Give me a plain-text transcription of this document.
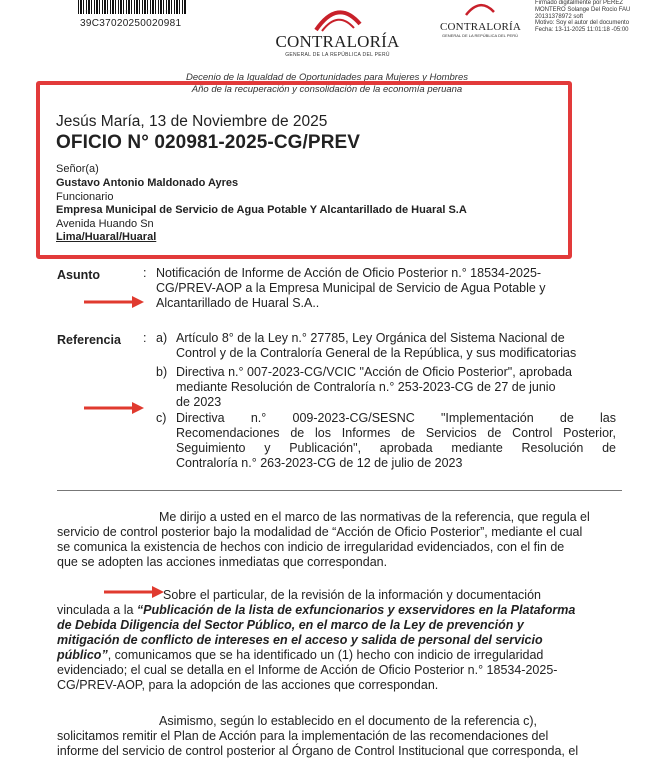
39C37020250020981
CONTRALORÍA
GENERAL DE LA REPÚBLICA DEL PERÚ
CONTRALORÍA
GENERAL DE LA REPÚBLICA DEL PERÚ
Firmado digitalmente por PEREZ
MONTERO Solange Del Rocio FAU
20131378972 soft
Motivo: Soy el autor del documento
Fecha: 13-11-2025 11:01:18 -05:00
Decenio de la Igualdad de Oportunidades para Mujeres y Hombres
Año de la recuperación y consolidación de la economía peruana
Jesús María, 13 de Noviembre de 2025
OFICIO N° 020981-2025-CG/PREV
Señor(a)
Gustavo Antonio Maldonado Ayres
Funcionario
Empresa Municipal de Servicio de Agua Potable Y Alcantarillado de Huaral S.A
Avenida Huando Sn
Lima/Huaral/Huaral
Asunto	: Notificación de Informe de Acción de Oficio Posterior n.° 18534-2025-
CG/PREV-AOP a la Empresa Municipal de Servicio de Agua Potable y
Alcantarillado de Huaral S.A..
Referencia : a) Artículo 8° de la Ley n.° 27785, Ley Orgánica del Sistema Nacional de
Control y de la Contraloría General de la República, y sus modificatorias
b) Directiva n.° 007-2023-CG/VCIC "Acción de Oficio Posterior", aprobada
mediante Resolución de Contraloría n.° 253-2023-CG de 27 de junio
de 2023
c) Directiva n.° 009-2023-CG/SESNC "Implementación de las
Recomendaciones de los Informes de Servicios de Control Posterior,
Seguimiento y Publicación", aprobada mediante Resolución de
Contraloría n.° 263-2023-CG de 12 de julio de 2023
Me dirijo a usted en el marco de las normativas de la referencia, que regula el
servicio de control posterior bajo la modalidad de “Acción de Oficio Posterior”, mediante el cual
se comunica la existencia de hechos con indicio de irregularidad evidenciados, con el fin de
que se adopten las acciones inmediatas que correspondan.
Sobre el particular, de la revisión de la información y documentación
vinculada a la “Publicación de la lista de exfuncionarios y exservidores en la Plataforma
de Debida Diligencia del Sector Público, en el marco de la Ley de prevención y
mitigación de conflicto de intereses en el acceso y salida de personal del servicio
público”, comunicamos que se ha identificado un (1) hecho con indicio de irregularidad
evidenciado; el cual se detalla en el Informe de Acción de Oficio Posterior n.° 18534-2025-
CG/PREV-AOP, para la adopción de las acciones que correspondan.
Asimismo, según lo establecido en el documento de la referencia c),
solicitamos remitir el Plan de Acción para la implementación de las recomendaciones del
informe del servicio de control posterior al Órgano de Control Institucional que corresponda, el
